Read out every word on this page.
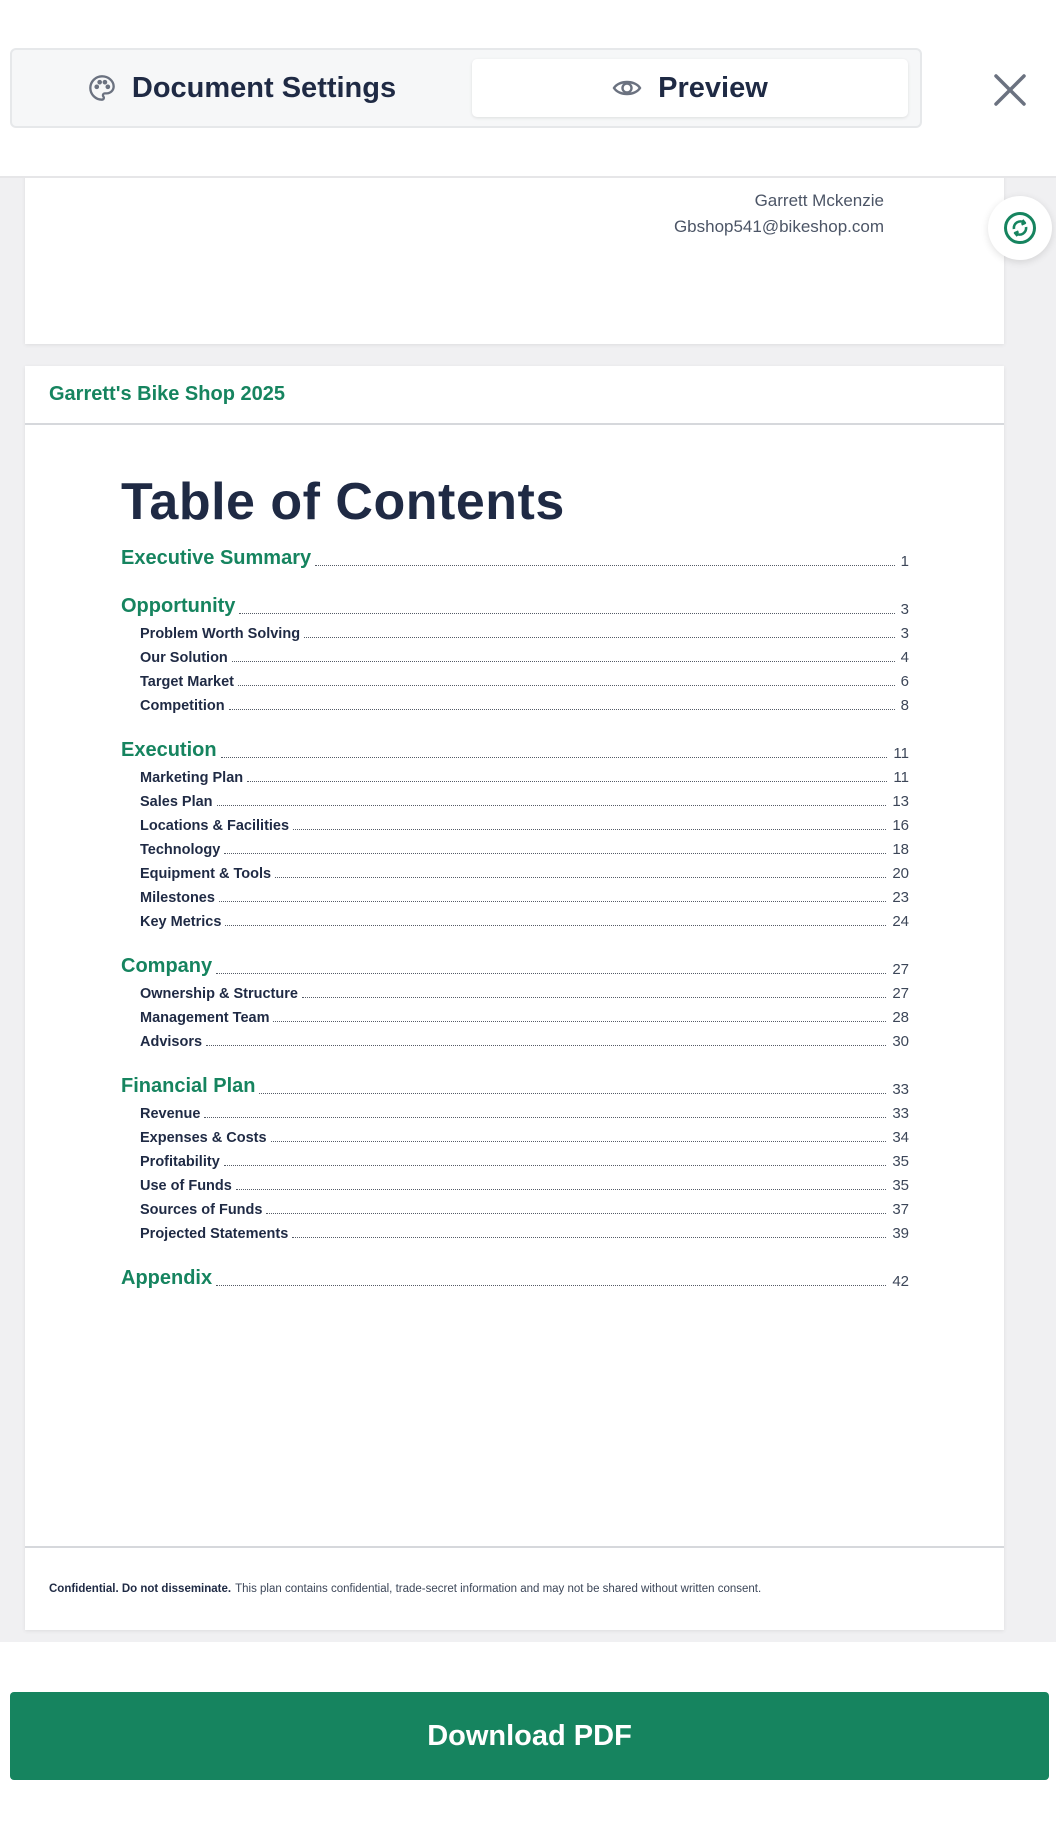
Document Settings	Preview
Garrett Mckenzie
Gbshop541@bikeshop.com
Garrett's Bike Shop 2025
Table of Contents
Executive Summary	1
Opportunity	3
Problem Worth Solving	3
Our Solution	4
Target Market	6
Competition	8
Execution	11
Marketing Plan	11
Sales Plan	13
Locations & Facilities	16
Technology	18
Equipment & Tools	20
Milestones	23
Key Metrics	24
Company	27
Ownership & Structure	27
Management Team	28
Advisors	30
Financial Plan	33
Revenue	33
Expenses & Costs	34
Profitability	35
Use of Funds	35
Sources of Funds	37
Projected Statements	39
Appendix	42
Confidential. Do not disseminate. This plan contains confidential, trade-secret information and may not be shared without written consent.
Download PDF
